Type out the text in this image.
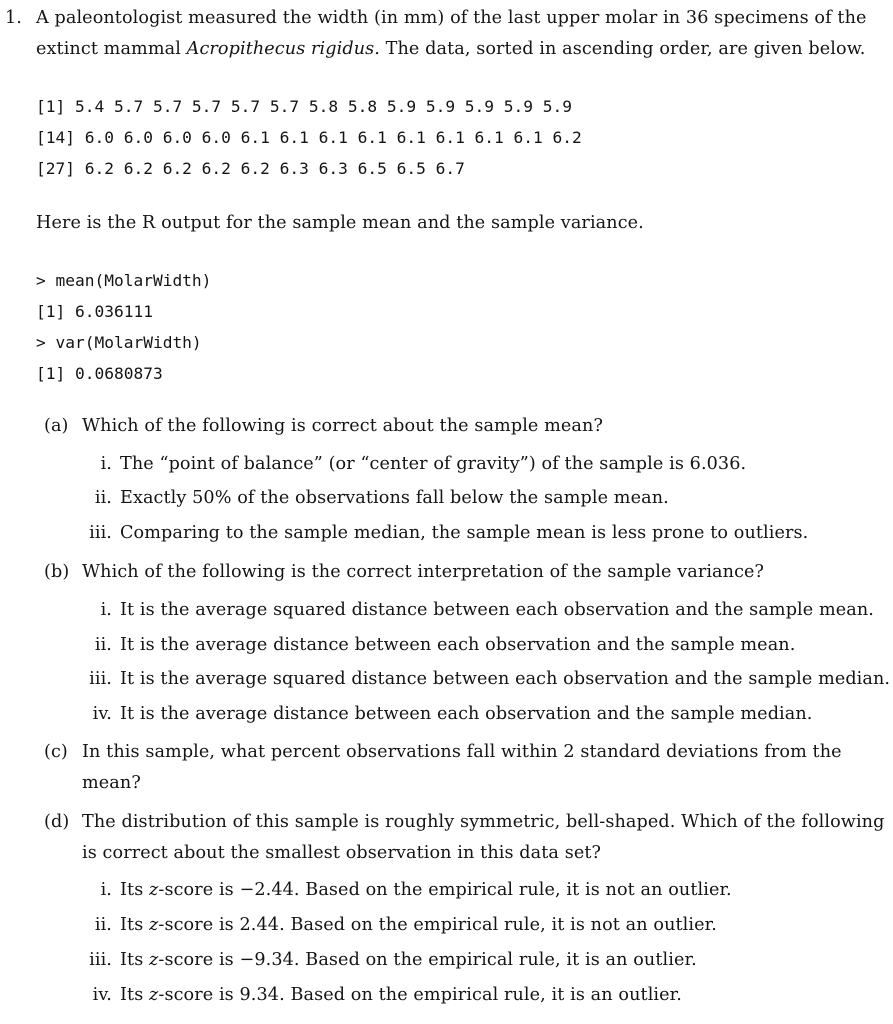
1. A paleontologist measured the width (in mm) of the last upper molar in 36 specimens of the
extinct mammal Acropithecus rigidus. The data, sorted in ascending order, are given below.
[1] 5.4 5.7 5.7 5.7 5.7 5.7 5.8 5.8 5.9 5.9 5.9 5.9 5.9
[14] 6.0 6.0 6.0 6.0 6.1 6.1 6.1 6.1 6.1 6.1 6.1 6.1 6.2
[27] 6.2 6.2 6.2 6.2 6.2 6.3 6.3 6.5 6.5 6.7
Here is the R output for the sample mean and the sample variance.
> mean(MolarWidth)
[1] 6.036111
> var(MolarWidth)
[1] 0.0680873
(a) Which of the following is correct about the sample mean?
i. The “point of balance” (or “center of gravity”) of the sample is 6.036.
ii. Exactly 50% of the observations fall below the sample mean.
iii. Comparing to the sample median, the sample mean is less prone to outliers.
(b) Which of the following is the correct interpretation of the sample variance?
i. It is the average squared distance between each observation and the sample mean.
ii. It is the average distance between each observation and the sample mean.
iii. It is the average squared distance between each observation and the sample median.
iv. It is the average distance between each observation and the sample median.
(c) In this sample, what percent observations fall within 2 standard deviations from the
mean?
(d) The distribution of this sample is roughly symmetric, bell-shaped. Which of the following
is correct about the smallest observation in this data set?
i. Its z-score is −2.44. Based on the empirical rule, it is not an outlier.
ii. Its z-score is 2.44. Based on the empirical rule, it is not an outlier.
iii. Its z-score is −9.34. Based on the empirical rule, it is an outlier.
iv. Its z-score is 9.34. Based on the empirical rule, it is an outlier.
